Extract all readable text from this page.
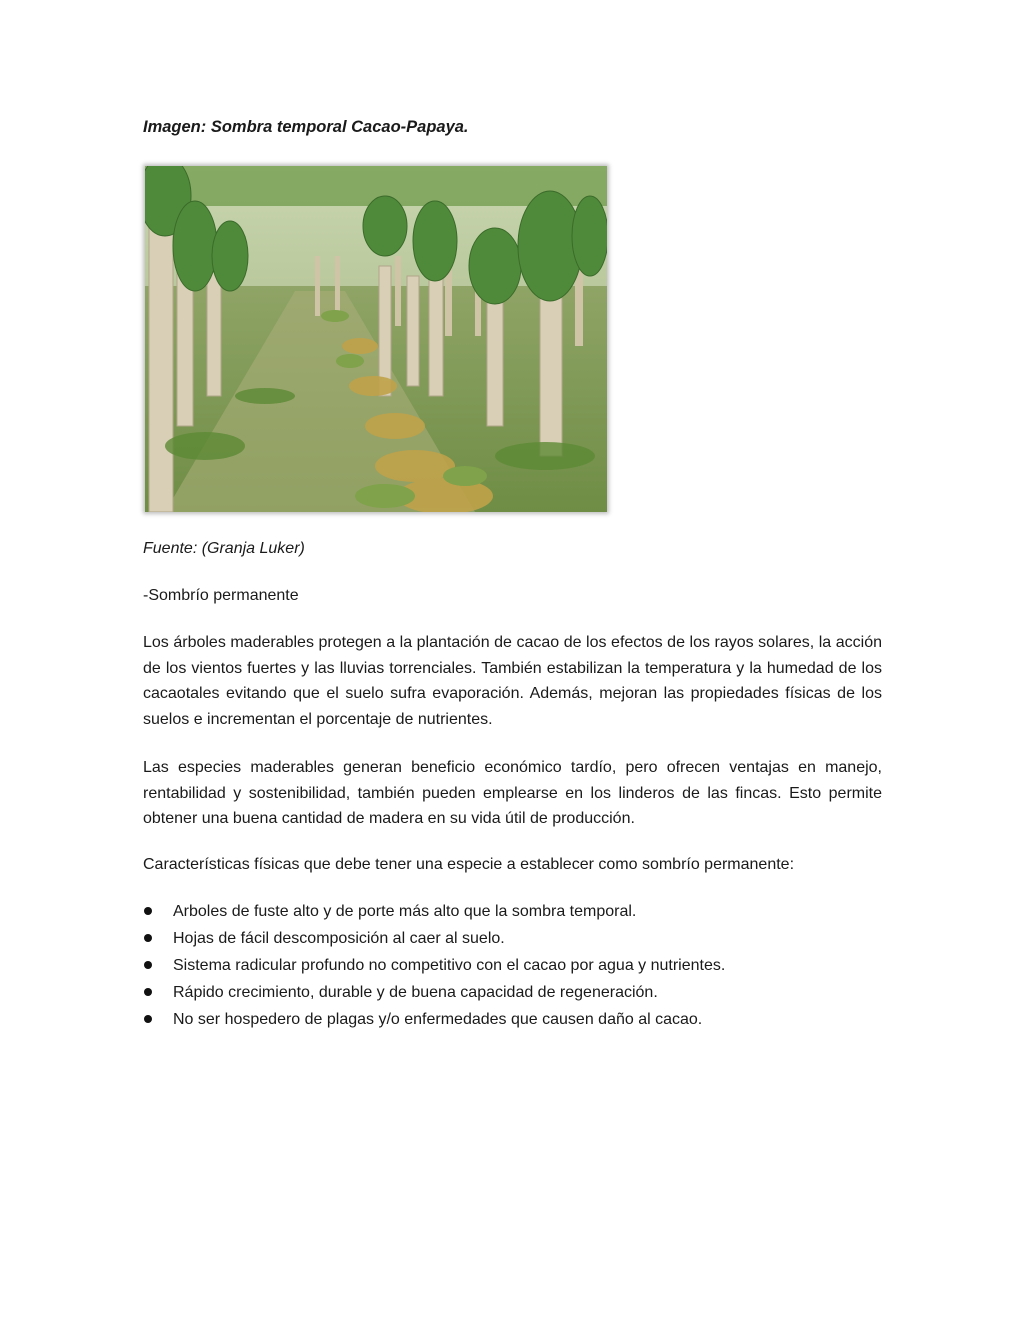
Imagen: Sombra temporal Cacao-Papaya.
Fuente: (Granja Luker)
-Sombrío permanente

Los árboles maderables protegen a la plantación de cacao de los efectos de los rayos solares, la acción de los vientos fuertes y las lluvias torrenciales. También estabilizan la temperatura y la humedad de los cacaotales evitando que el suelo sufra evaporación. Además, mejoran las propiedades físicas de los suelos e incrementan el porcentaje de nutrientes.

Las especies maderables generan beneficio económico tardío, pero ofrecen ventajas en manejo, rentabilidad y sostenibilidad, también pueden emplearse en los linderos de las fincas. Esto permite obtener una buena cantidad de madera en su vida útil de producción.

Características físicas que debe tener una especie a establecer como sombrío permanente:

Arboles de fuste alto y de porte más alto que la sombra temporal.
Hojas de fácil descomposición al caer al suelo.
Sistema radicular profundo no competitivo con el cacao por agua y nutrientes.
Rápido crecimiento, durable y de buena capacidad de regeneración.
No ser hospedero de plagas y/o enfermedades que causen daño al cacao.
